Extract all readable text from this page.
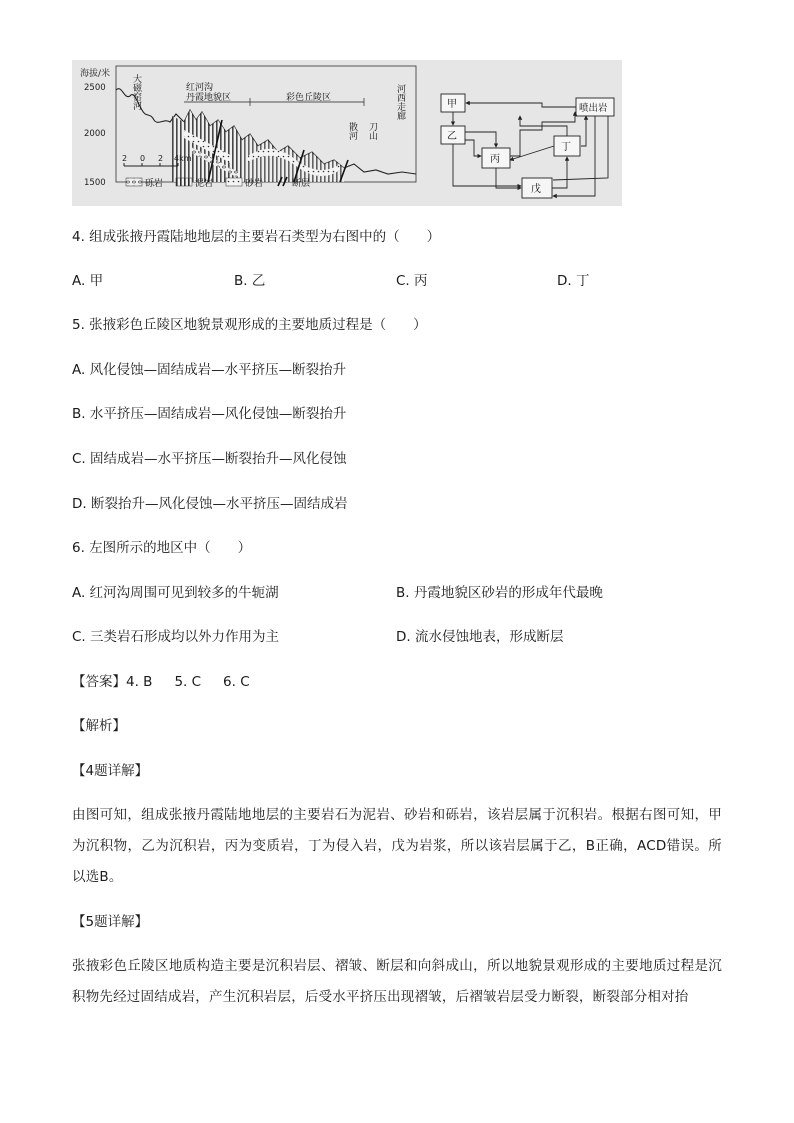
海拔/米
2500
2000
1500
大磁窑河	红河沟
丹霞地貌区	彩色丘陵区
散河 刀山
河西走廊
2 0 2 4km
砾岩	泥岩	砂岩	断层
甲
乙
丙
丁
戊
喷出岩
4. 组成张掖丹霞陆地地层的主要岩石类型为右图中的（　　）
A. 甲	B. 乙	C. 丙	D. 丁
5. 张掖彩色丘陵区地貌景观形成的主要地质过程是（　　）
A. 风化侵蚀—固结成岩—水平挤压—断裂抬升
B. 水平挤压—固结成岩—风化侵蚀—断裂抬升
C. 固结成岩—水平挤压—断裂抬升—风化侵蚀
D. 断裂抬升—风化侵蚀—水平挤压—固结成岩
6. 左图所示的地区中（　　）
A. 红河沟周围可见到较多的牛轭湖	B. 丹霞地貌区砂岩的形成年代最晚
C. 三类岩石形成均以外力作用为主	D. 流水侵蚀地表，形成断层
【答案】4. B 5. C 6. C
【解析】
【4题详解】
由图可知，组成张掖丹霞陆地地层的主要岩石为泥岩、砂岩和砾岩，该岩层属于沉积岩。根据右图可知，甲为沉积物，乙为沉积岩，丙为变质岩，丁为侵入岩，戊为岩浆，所以该岩层属于乙，B正确，ACD错误。所以选B。
【5题详解】
张掖彩色丘陵区地质构造主要是沉积岩层、褶皱、断层和向斜成山，所以地貌景观形成的主要地质过程是沉积物先经过固结成岩，产生沉积岩层，后受水平挤压出现褶皱，后褶皱岩层受力断裂，断裂部分相对抬
